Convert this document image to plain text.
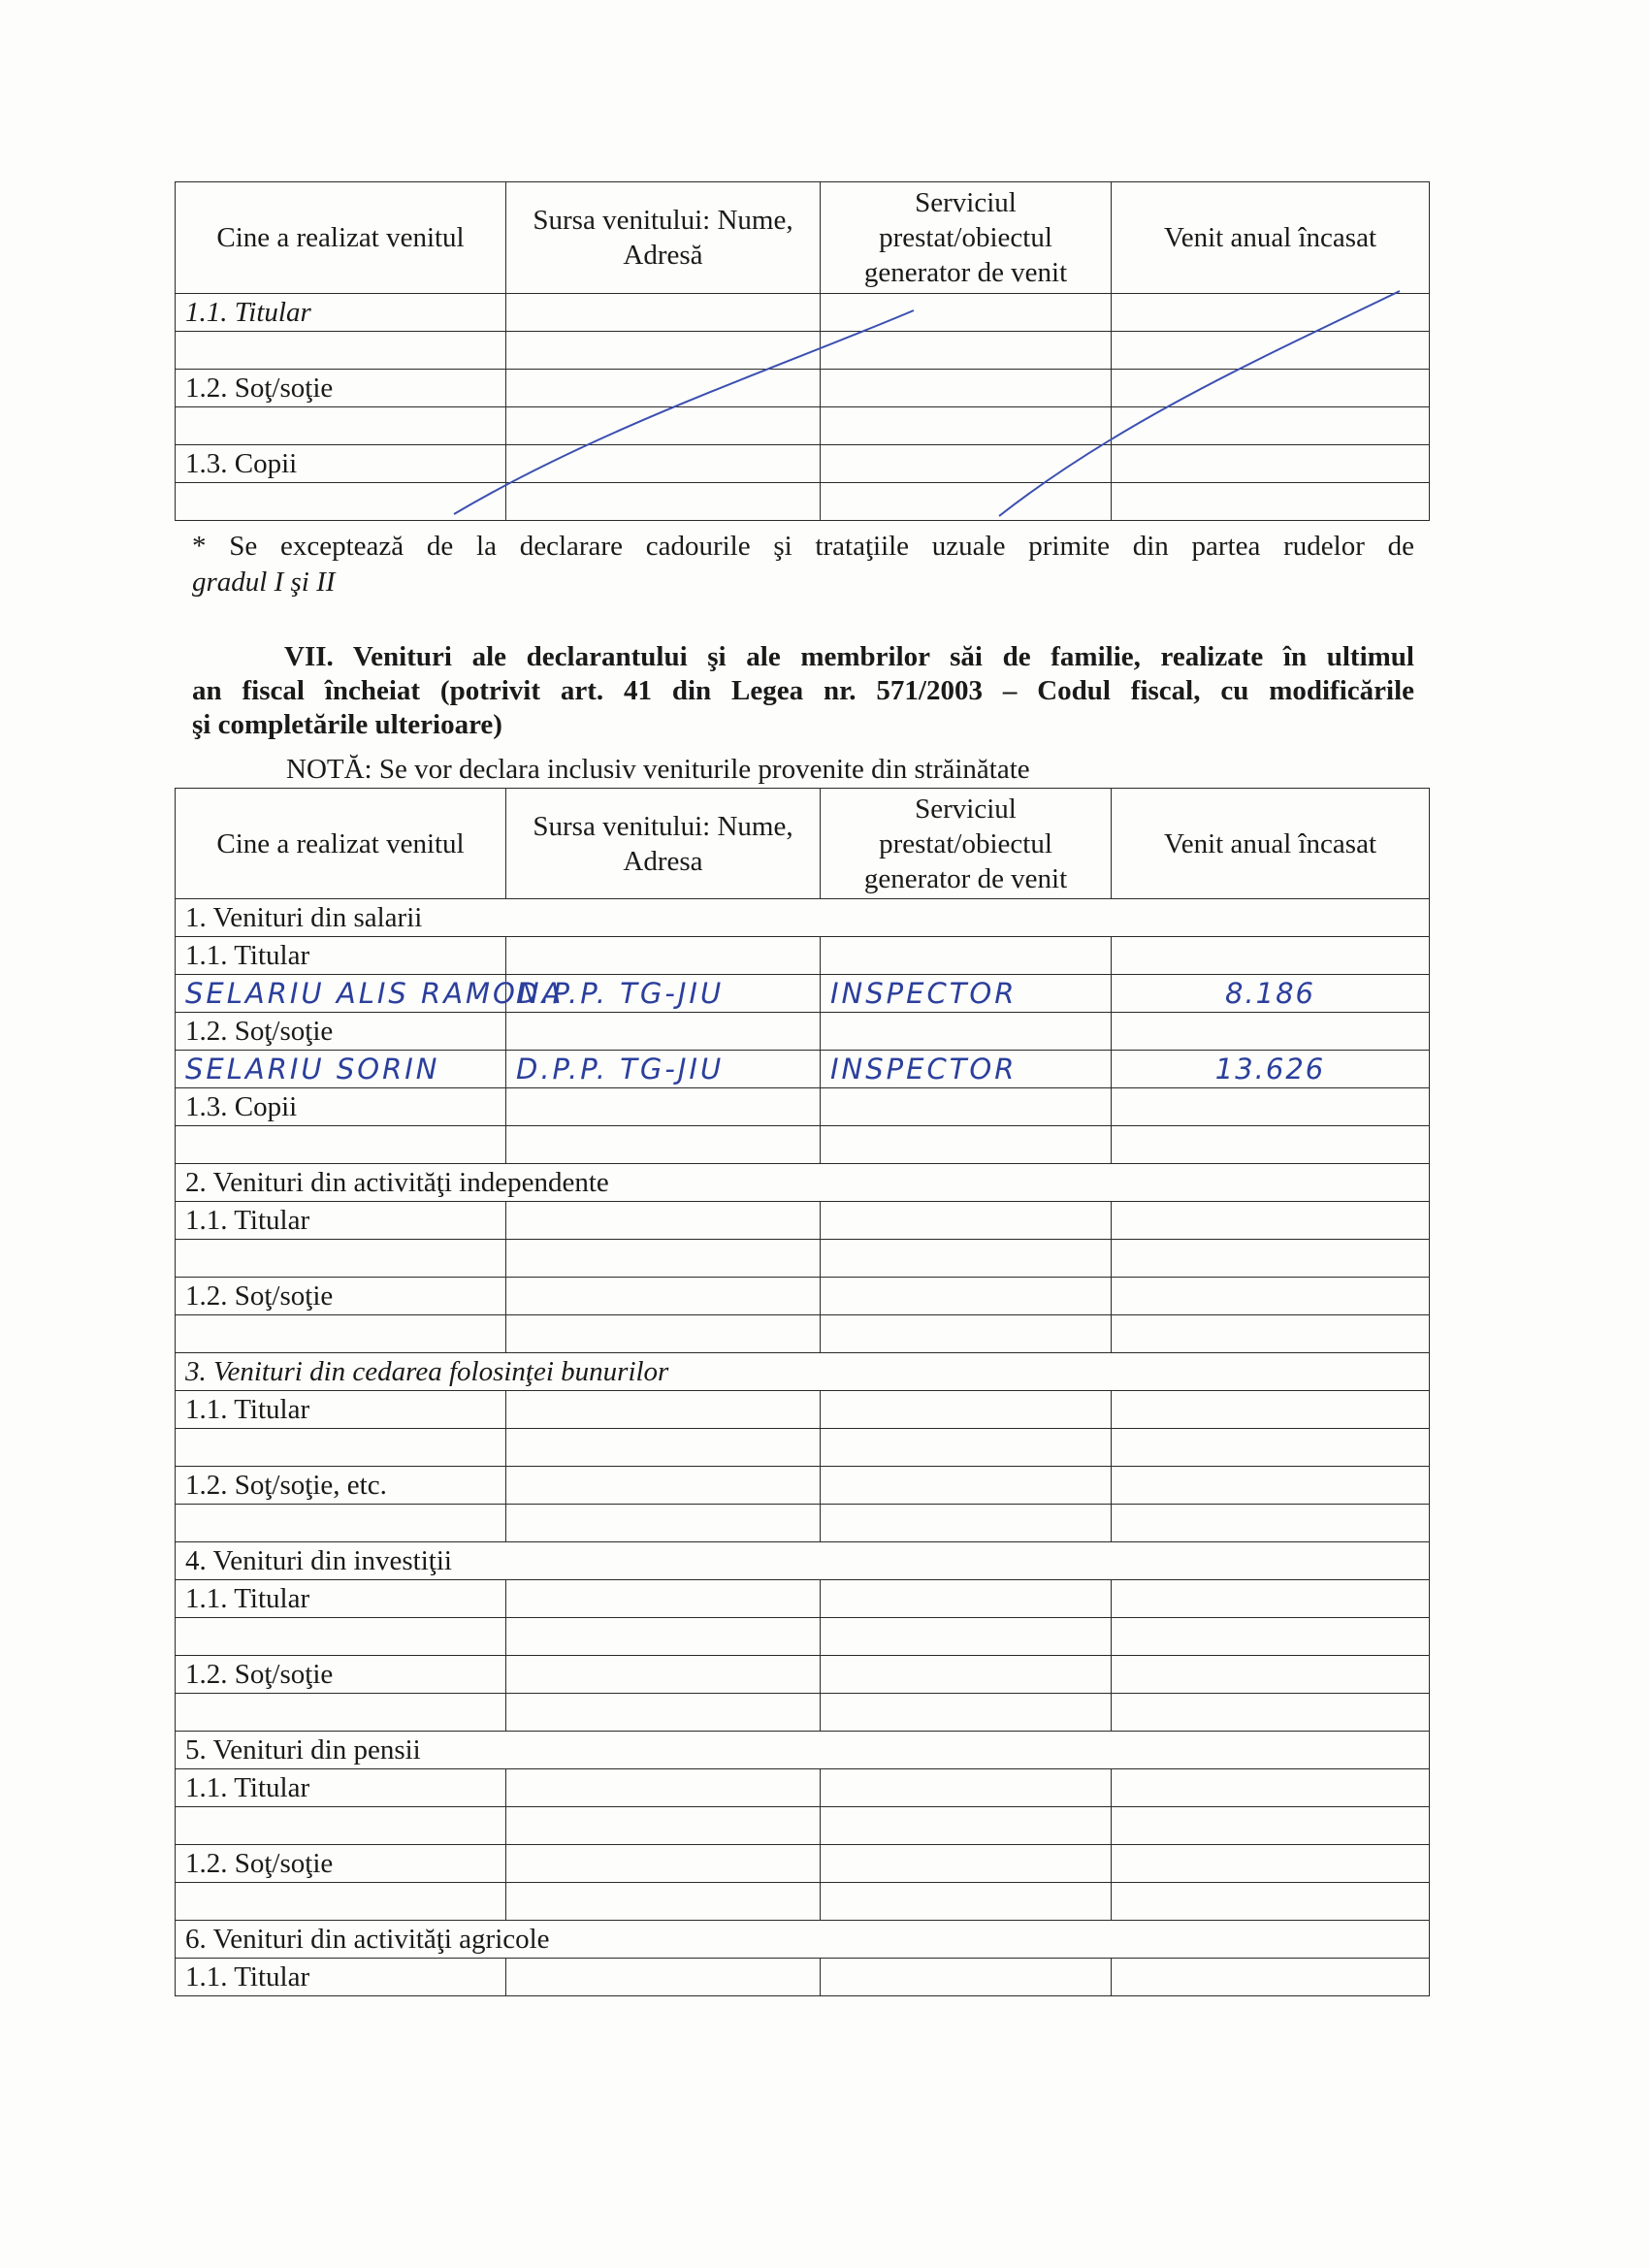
Cine a realizat venitul	Sursa venitului: Nume, Adresă	Serviciul prestat/obiectul generator de venit	Venit anual încasat
1.1. Titular			

1.2. Soţ/soţie			

1.3. Copii			

* Se exceptează de la declarare cadourile şi trataţiile uzuale primite din partea rudelor de
gradul I şi II
VII. Venituri ale declarantului şi ale membrilor săi de familie, realizate în ultimul
an fiscal încheiat (potrivit art. 41 din Legea nr. 571/2003 – Codul fiscal, cu modificările
şi completările ulterioare)
NOTĂ: Se vor declara inclusiv veniturile provenite din străinătate
Cine a realizat venitul	Sursa venitului: Nume, Adresa	Serviciul prestat/obiectul generator de venit	Venit anual încasat
1. Venituri din salarii			
1.1. Titular			
SELARIU ALIS RAMONA	D.P.P. TG-JIU	INSPECTOR	8.186
1.2. Soţ/soţie			
SELARIU SORIN	D.P.P. TG-JIU	INSPECTOR	13.626
1.3. Copii			

2. Venituri din activităţi independente			
1.1. Titular			

1.2. Soţ/soţie			

3. Venituri din cedarea folosinţei bunurilor			
1.1. Titular			

1.2. Soţ/soţie, etc.			

4. Venituri din investiţii			
1.1. Titular			

1.2. Soţ/soţie			

5. Venituri din pensii			
1.1. Titular			

1.2. Soţ/soţie			

6. Venituri din activităţi agricole			
1.1. Titular			
